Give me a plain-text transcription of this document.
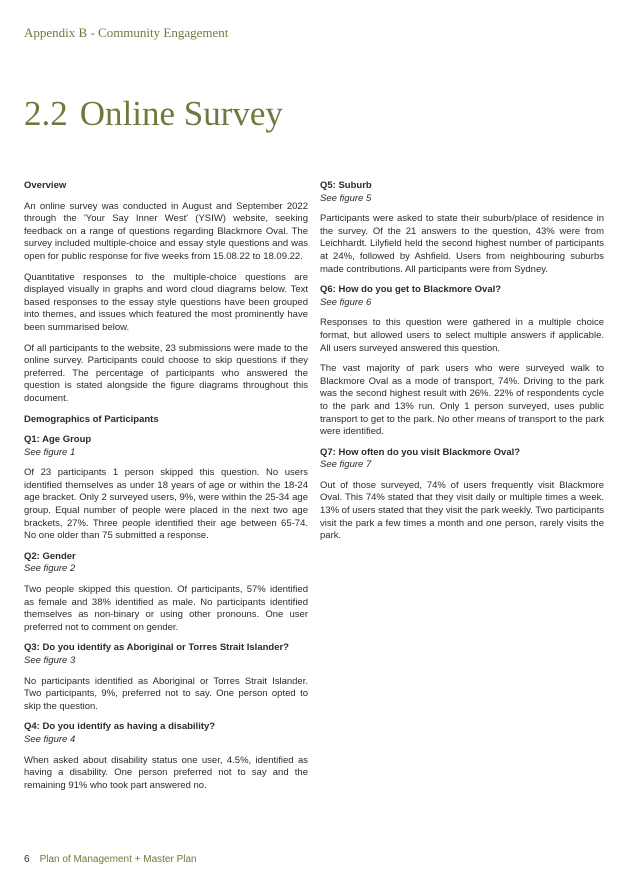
Appendix B - Community Engagement
2.2 Online Survey
Overview

An online survey was conducted in August and September 2022 through the 'Your Say Inner West' (YSIW) website, seeking feedback on a range of questions regarding Blackmore Oval. The survey included multiple-choice and essay style questions and was open for public response for five weeks from 15.08.22 to 18.09.22.

Quantitative responses to the multiple-choice questions are displayed visually in graphs and word cloud diagrams below. Text based responses to the essay style questions have been grouped into themes, and issues which featured the most prominently have been summarised below.

Of all participants to the website, 23 submissions were made to the online survey. Participants could choose to skip questions if they preferred. The percentage of participants who answered the question is stated alongside the figure diagrams throughout this document.

Demographics of Participants
Q1: Age Group
See figure 1

Of 23 participants 1 person skipped this question. No users identified themselves as under 18 years of age or within the 18-24 age bracket. Only 2 surveyed users, 9%, were within the 25-34 age group. Equal number of people were placed in the next two age brackets, 27%. Three people identified their age between 65-74. No one older than 75 submitted a response.

Q2: Gender
See figure 2

Two people skipped this question. Of participants, 57% identified as female and 38% identified as male. No participants identified themselves as non-binary or using other pronouns. One user preferred not to comment on gender.

Q3: Do you identify as Aboriginal or Torres Strait Islander?
See figure 3

No participants identified as Aboriginal or Torres Strait Islander. Two participants, 9%, preferred not to say. One person opted to skip the question.

Q4: Do you identify as having a disability?
See figure 4

When asked about disability status one user, 4.5%, identified as having a disability. One person preferred not to say and the remaining 91% who took part answered no.

Q5: Suburb
See figure 5

Participants were asked to state their suburb/place of residence in the survey. Of the 21 answers to the question, 43% were from Leichhardt. Lilyfield held the second highest number of participants at 24%, followed by Ashfield. Users from neighbouring suburbs made contributions. All participants were from Sydney.

Q6: How do you get to Blackmore Oval?
See figure 6

Responses to this question were gathered in a multiple choice format, but allowed users to select multiple answers if applicable. All users surveyed answered this question.

The vast majority of park users who were surveyed walk to Blackmore Oval as a mode of transport, 74%. Driving to the park was the second highest result with 26%. 22% of respondents cycle to the park and 13% run. Only 1 person surveyed, uses public transport to get to the park. No other means of transport to the park were identified.

Q7: How often do you visit Blackmore Oval?
See figure 7

Out of those surveyed, 74% of users frequently visit Blackmore Oval. This 74% stated that they visit daily or multiple times a week. 13% of users stated that they visit the park weekly. Two participants visit the park a few times a month and one person, rarely visits the park.

6 Plan of Management + Master Plan
